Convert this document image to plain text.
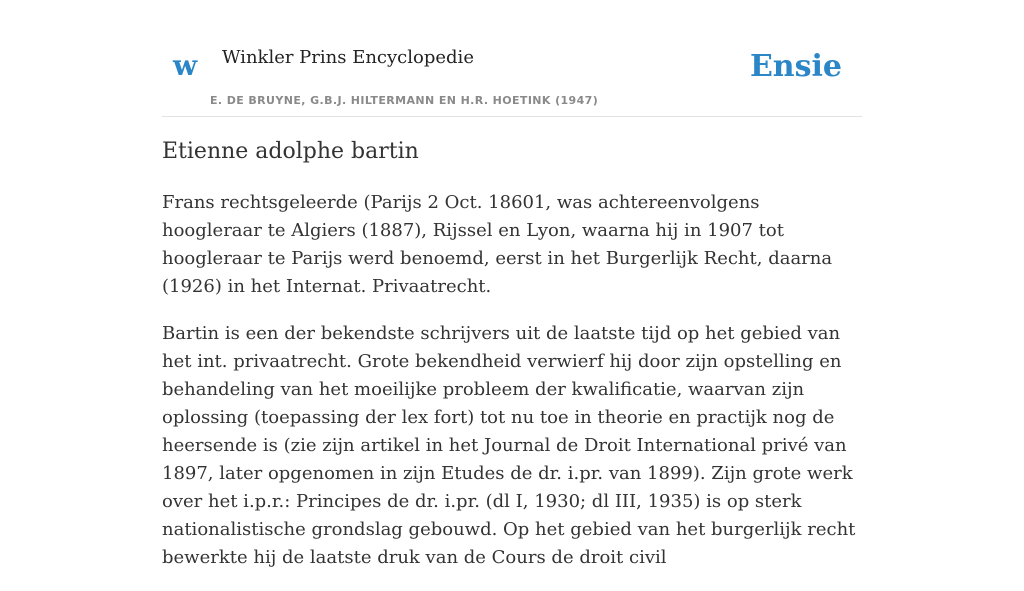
w Winkler Prins Encyclopedie
E. DE BRUYNE, G.B.J. HILTERMANN EN H.R. HOETINK (1947)
Ensie
Etienne adolphe bartin

Frans rechtsgeleerde (Parijs 2 Oct. 18601, was achtereenvolgens hoogleraar te Algiers (1887), Rijssel en Lyon, waarna hij in 1907 tot hoogleraar te Parijs werd benoemd, eerst in het Burgerlijk Recht, daarna (1926) in het Internat. Privaatrecht.

Bartin is een der bekendste schrijvers uit de laatste tijd op het gebied van het int. privaatrecht. Grote bekendheid verwierf hij door zijn opstelling en behandeling van het moeilijke probleem der kwalificatie, waarvan zijn oplossing (toepassing der lex fort) tot nu toe in theorie en practijk nog de heersende is (zie zijn artikel in het Journal de Droit International privé van 1897, later opgenomen in zijn Etudes de dr. i.pr. van 1899). Zijn grote werk over het i.p.r.: Principes de dr. i.pr. (dl I, 1930; dl III, 1935) is op sterk nationalistische grondslag gebouwd. Op het gebied van het burgerlijk recht bewerkte hij de laatste druk van de Cours de droit civil
